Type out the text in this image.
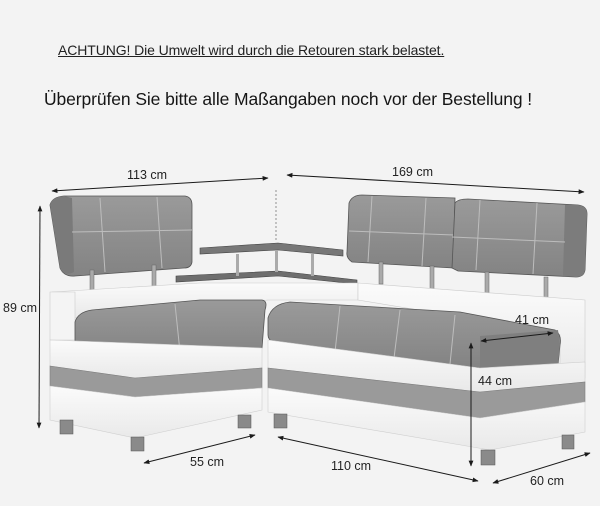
ACHTUNG! Die Umwelt wird durch die Retouren stark belastet.
Überprüfen Sie bitte alle Maßangaben noch vor der Bestellung !
113 cm	169 cm
89 cm
55 cm	110 cm
41 cm
44 cm
60 cm
